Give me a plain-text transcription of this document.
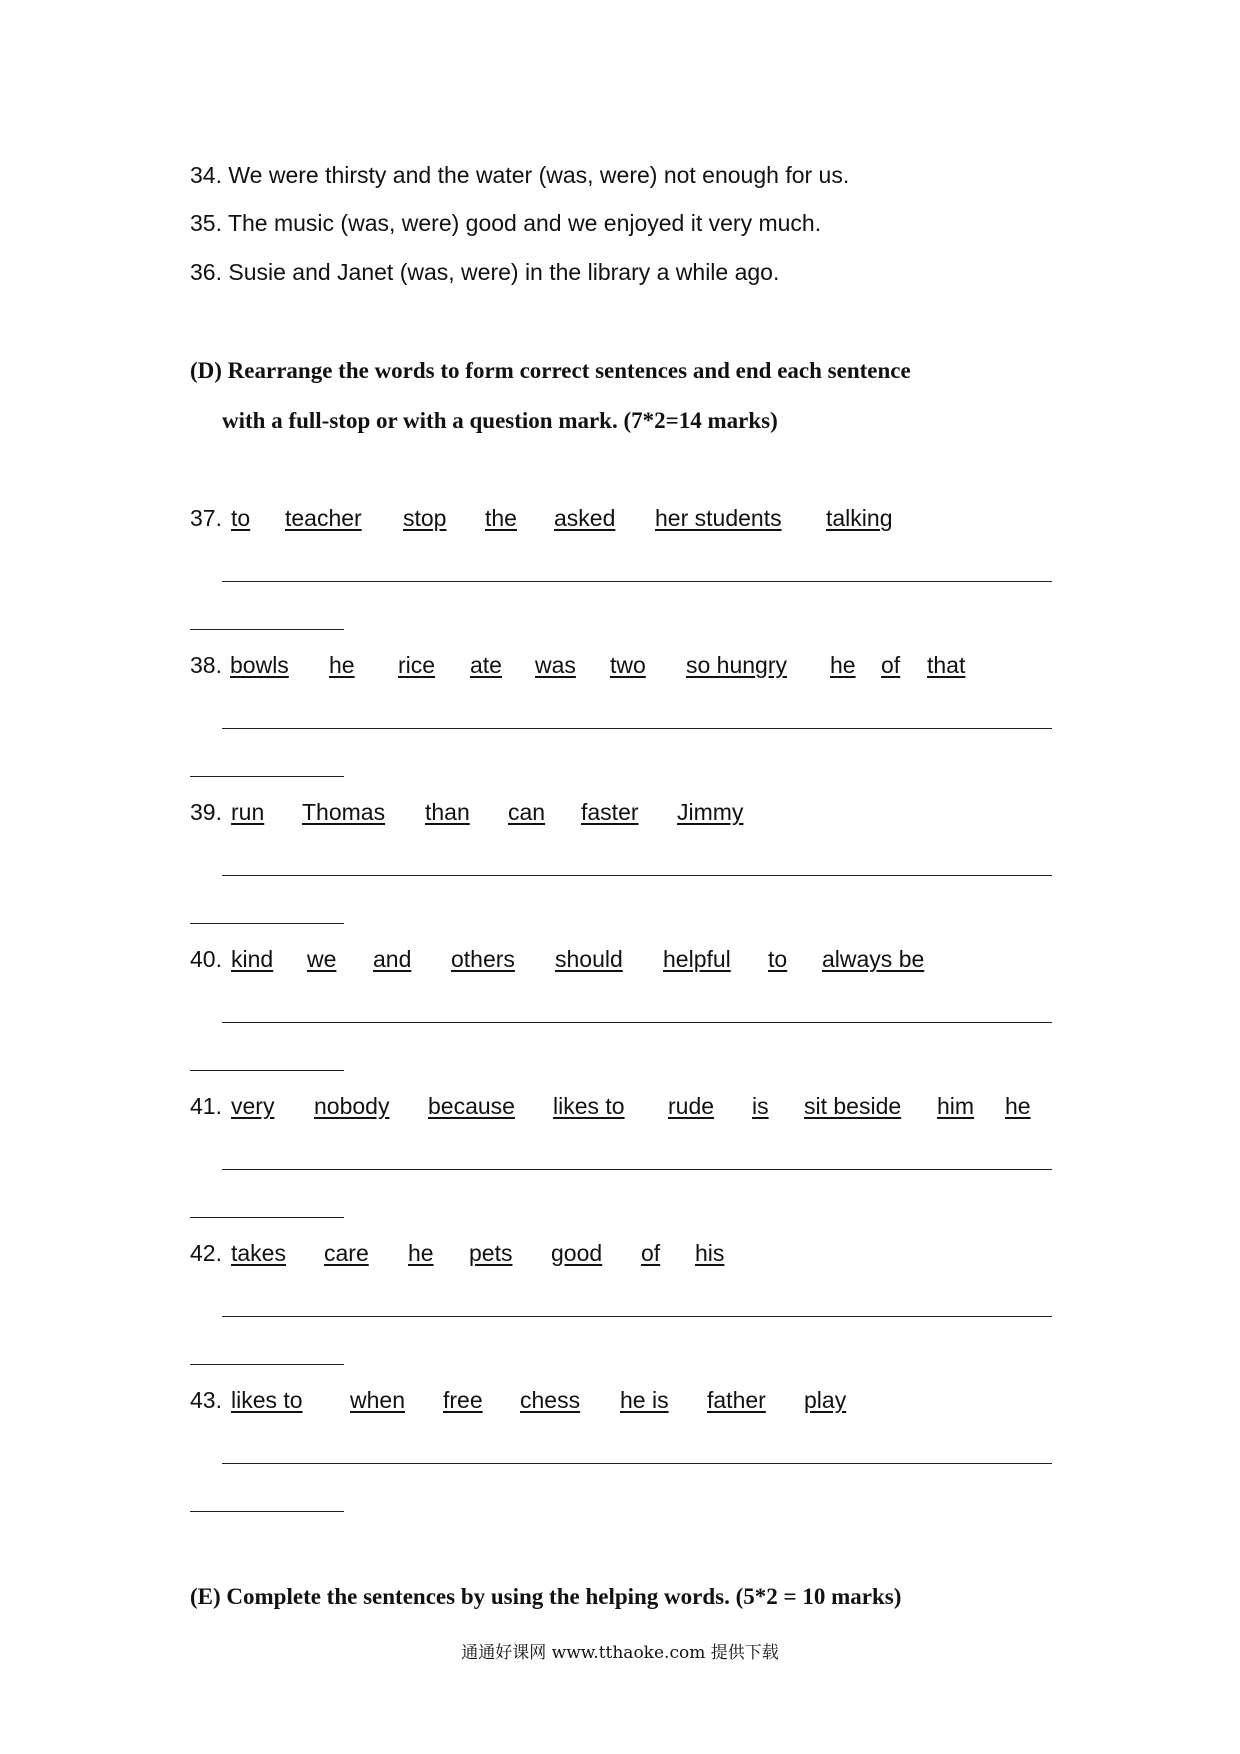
34. We were thirsty and the water (was, were) not enough for us.
35. The music (was, were) good and we enjoyed it very much.
36. Susie and Janet (was, were) in the library a while ago.
(D) Rearrange the words to form correct sentences and end each sentence
with a full-stop or with a question mark. (7*2=14 marks)
37. to teacher stop the asked her students talking
38. bowls he rice ate was two so hungry he of that
39. run Thomas than can faster Jimmy
40. kind we and others should helpful to always be
41. very nobody because likes to rude is sit beside him he
42. takes care he pets good of his
43. likes to when free chess he is father play
(E) Complete the sentences by using the helping words. (5*2 = 10 marks)
通通好课网 www.tthaoke.com 提供下载
